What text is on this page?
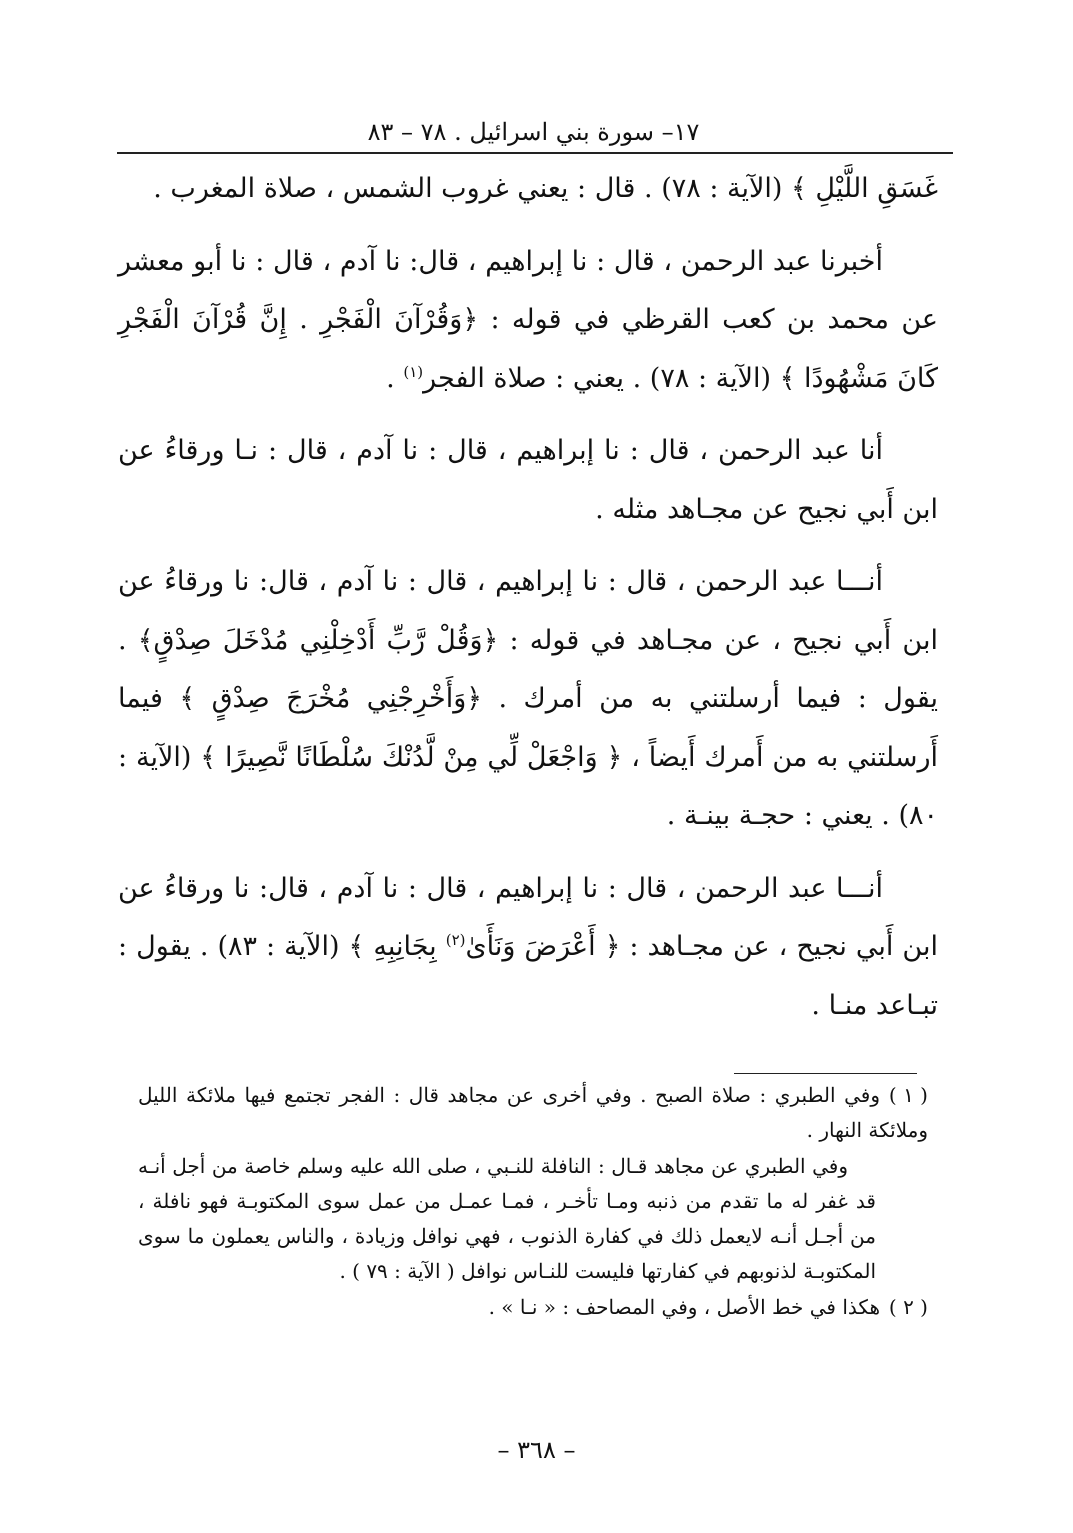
١٧– سورة بني اسرائيل . ٧٨ – ٨٣

غَسَقِ اللَّيْلِ ﴾ (الآية : ٧٨) . قال : يعني غروب الشمس ، صلاة المغرب .

أخبرنا عبد الرحمن ، قال : نا إبراهيم ، قال: نا آدم ، قال : نا أبو معشر عن محمد بن كعب القرظي في قوله : ﴿وَقُرْآنَ الْفَجْرِ . إِنَّ قُرْآنَ الْفَجْرِ كَانَ مَشْهُودًا ﴾ (الآية : ٧٨) . يعني : صلاة الفجر$^{(١)}$ .

أنا عبد الرحمن ، قال : نا إبراهيم ، قال : نا آدم ، قال : نـا ورقاءُ عن ابن أَبي نجيح عن مجـاهد مثله .

أنـــا عبد الرحمن ، قال : نا إبراهيم ، قال : نا آدم ، قال: نا ورقاءُ عن ابن أَبي نجيح ، عن مجـاهد في قوله : ﴿وَقُلْ رَّبِّ أَدْخِلْنِي مُدْخَلَ صِدْقٍ﴾ . يقول : فيما أرسلتني به من أمرك . ﴿وَأَخْرِجْنِي مُخْرَجَ صِدْقٍ ﴾ فيما أَرسلتني به من أَمرك أَيضاً ، ﴿ وَاجْعَلْ لِّي مِنْ لَّدُنْكَ سُلْطَانًا نَّصِيرًا ﴾ (الآية : ٨٠) . يعني : حجـة بينـة .

أنـــا عبد الرحمن ، قال : نا إبراهيم ، قال : نا آدم ، قال: نا ورقاءُ عن ابن أَبي نجيح ، عن مجـاهد : ﴿ أَعْرَضَ وَنَأَىٰ$^{(٢)}$ بِجَانِبِهِ ﴾ (الآية : ٨٣) . يقول : تبـاعد منـا .

( ١ )وفي الطبري : صلاة الصبح . وفي أخرى عن مجاهد قال : الفجر تجتمع فيها ملائكة الليل وملائكة النهار .

وفي الطبري عن مجاهد قـال : النافلة للنـبي ، صلى الله عليه وسلم خاصة من أجل أنـه قد غفر له ما تقدم من ذنبه ومـا تأخـر ، فمـا عمـل من عمل سوى المكتوبـة فهو نافلة ، من أجـل أنـه لايعمل ذلك في كفارة الذنوب ، فهي نوافل وزيادة ، والناس يعملون ما سوى المكتوبـة لذنوبهم في كفارتها فليست للنـاس نوافل ( الآية : ٧٩ ) .

( ٢ )هكذا في خط الأصل ، وفي المصاحف : « نـا » .

– ٣٦٨ –
